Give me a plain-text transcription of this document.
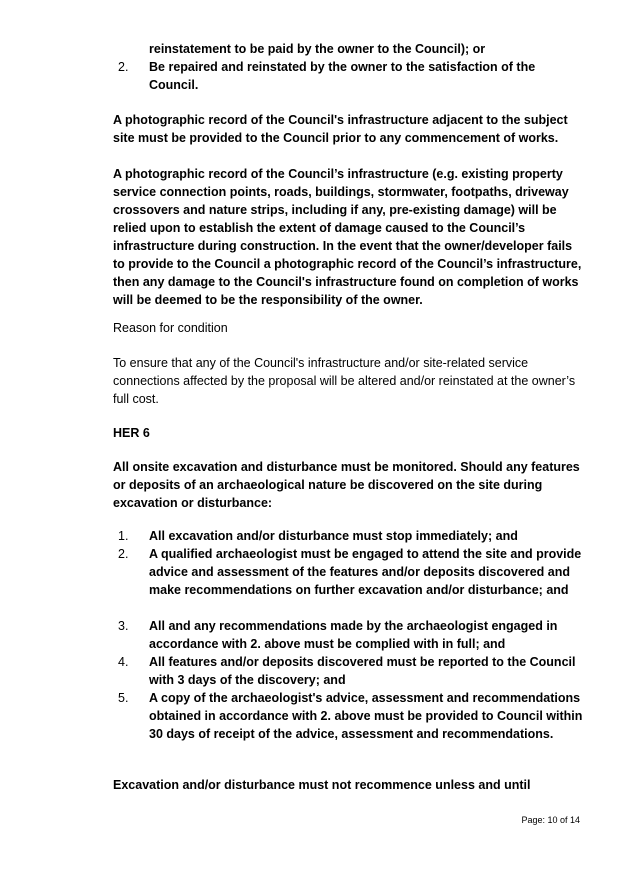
reinstatement to be paid by the owner to the Council); or
2. Be repaired and reinstated by the owner to the satisfaction of the Council.

A photographic record of the Council's infrastructure adjacent to the subject site must be provided to the Council prior to any commencement of works.

A photographic record of the Council’s infrastructure (e.g. existing property service connection points, roads, buildings, stormwater, footpaths, driveway crossovers and nature strips, including if any, pre-existing damage) will be relied upon to establish the extent of damage caused to the Council’s infrastructure during construction. In the event that the owner/developer fails to provide to the Council a photographic record of the Council’s infrastructure, then any damage to the Council's infrastructure found on completion of works will be deemed to be the responsibility of the owner.

Reason for condition

To ensure that any of the Council's infrastructure and/or site-related service connections affected by the proposal will be altered and/or reinstated at the owner’s full cost.

HER 6

All onsite excavation and disturbance must be monitored. Should any features or deposits of an archaeological nature be discovered on the site during excavation or disturbance:

1. All excavation and/or disturbance must stop immediately; and
2. A qualified archaeologist must be engaged to attend the site and provide advice and assessment of the features and/or deposits discovered and make recommendations on further excavation and/or disturbance; and
3. All and any recommendations made by the archaeologist engaged in accordance with 2. above must be complied with in full; and
4. All features and/or deposits discovered must be reported to the Council with 3 days of the discovery; and
5. A copy of the archaeologist's advice, assessment and recommendations obtained in accordance with 2. above must be provided to Council within 30 days of receipt of the advice, assessment and recommendations.

Excavation and/or disturbance must not recommence unless and until

Page: 10 of 14
